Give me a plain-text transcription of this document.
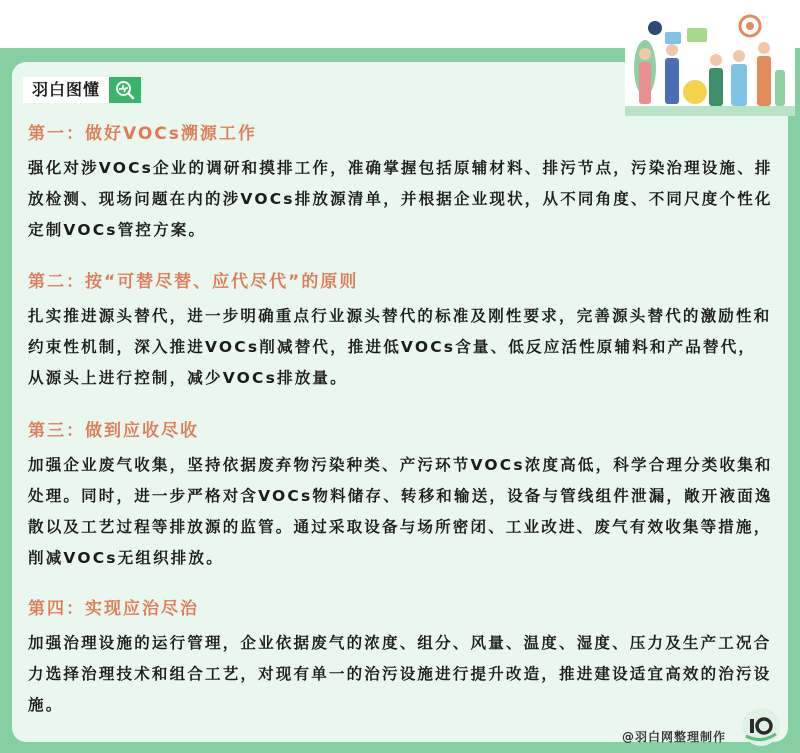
羽白图懂

第一：做好VOCs溯源工作

强化对涉VOCs企业的调研和摸排工作，准确掌握包括原辅材料、排污节点，污染治理设施、排放检测、现场问题在内的涉VOCs排放源清单，并根据企业现状，从不同角度、不同尺度个性化定制VOCs管控方案。

第二：按“可替尽替、应代尽代”的原则

扎实推进源头替代，进一步明确重点行业源头替代的标准及刚性要求，完善源头替代的激励性和约束性机制，深入推进VOCs削减替代，推进低VOCs含量、低反应活性原辅料和产品替代，从源头上进行控制，减少VOCs排放量。

第三：做到应收尽收

加强企业废气收集，坚持依据废弃物污染种类、产污环节VOCs浓度高低，科学合理分类收集和处理。同时，进一步严格对含VOCs物料储存、转移和输送，设备与管线组件泄漏，敞开液面逸散以及工艺过程等排放源的监管。通过采取设备与场所密闭、工业改进、废气有效收集等措施，削减VOCs无组织排放。

第四：实现应治尽治

加强治理设施的运行管理，企业依据废气的浓度、组分、风量、温度、湿度、压力及生产工况合力选择治理技术和组合工艺，对现有单一的治污设施进行提升改造，推进建设适宜高效的治污设施。

@羽白网整理制作
